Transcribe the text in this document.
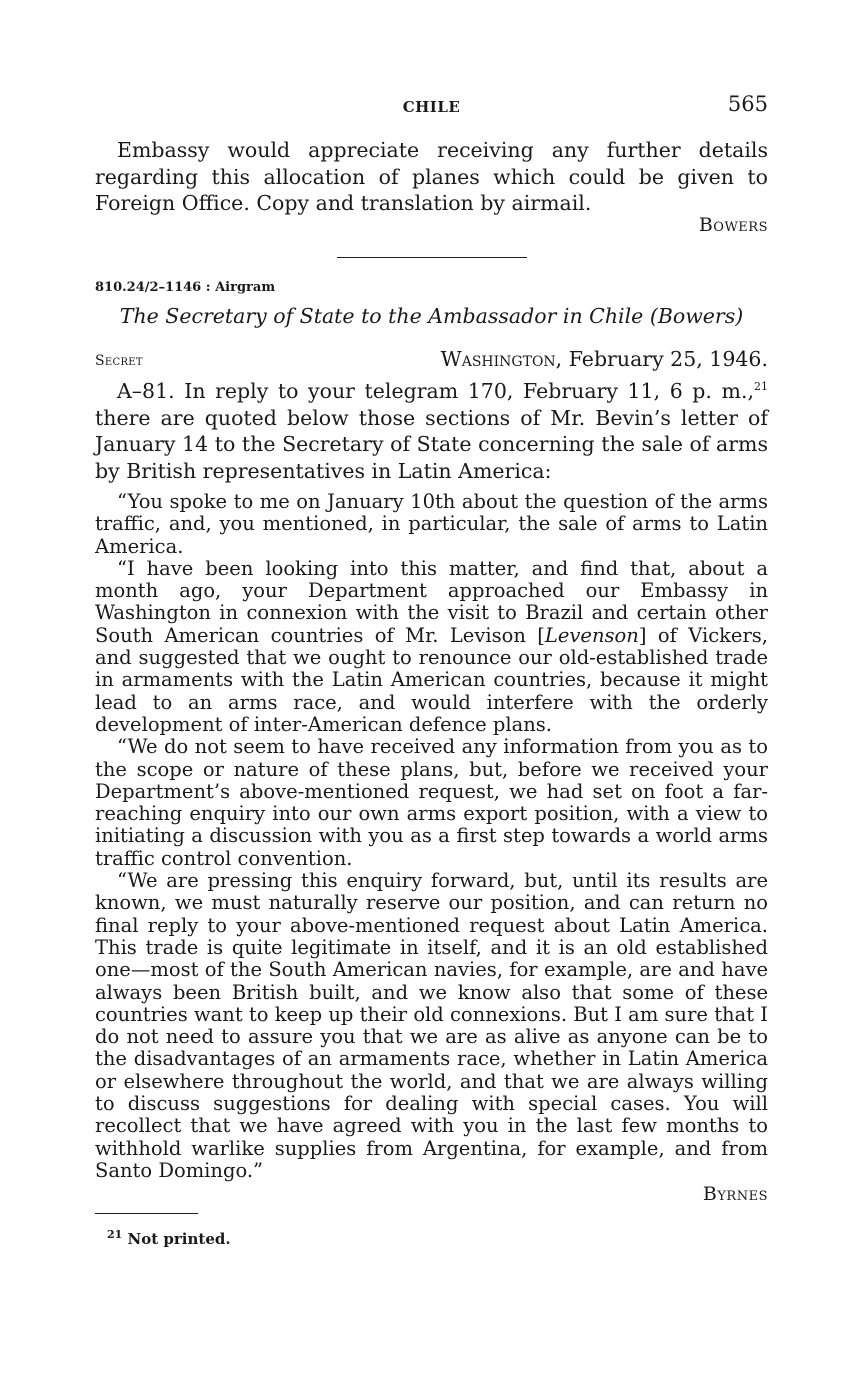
CHILE	565

Embassy would appreciate receiving any further details regarding this allocation of planes which could be given to Foreign Office. Copy and translation by airmail.

Bowers
810.24/2–1146 : Airgram
The Secretary of State to the Ambassador in Chile (Bowers)
Secret	Washington, February 25, 1946.

A–81. In reply to your telegram 170, February 11, 6 p. m.,$^{21}$ there are quoted below those sections of Mr. Bevin’s letter of January 14 to the Secretary of State concerning the sale of arms by British representatives in Latin America:

“You spoke to me on January 10th about the question of the arms traffic, and, you mentioned, in particular, the sale of arms to Latin America.

“I have been looking into this matter, and find that, about a month ago, your Department approached our Embassy in Washington in connexion with the visit to Brazil and certain other South American countries of Mr. Levison [Levenson] of Vickers, and suggested that we ought to renounce our old-established trade in armaments with the Latin American countries, because it might lead to an arms race, and would interfere with the orderly development of inter-American defence plans.

“We do not seem to have received any information from you as to the scope or nature of these plans, but, before we received your Department’s above-mentioned request, we had set on foot a far-reaching enquiry into our own arms export position, with a view to initiating a discussion with you as a first step towards a world arms traffic control convention.

“We are pressing this enquiry forward, but, until its results are known, we must naturally reserve our position, and can return no final reply to your above-mentioned request about Latin America. This trade is quite legitimate in itself, and it is an old established one—most of the South American navies, for example, are and have always been British built, and we know also that some of these countries want to keep up their old connexions. But I am sure that I do not need to assure you that we are as alive as anyone can be to the disadvantages of an armaments race, whether in Latin America or elsewhere throughout the world, and that we are always willing to discuss suggestions for dealing with special cases. You will recollect that we have agreed with you in the last few months to withhold warlike supplies from Argentina, for example, and from Santo Domingo.”

Byrnes
$^{21}$ Not printed.
